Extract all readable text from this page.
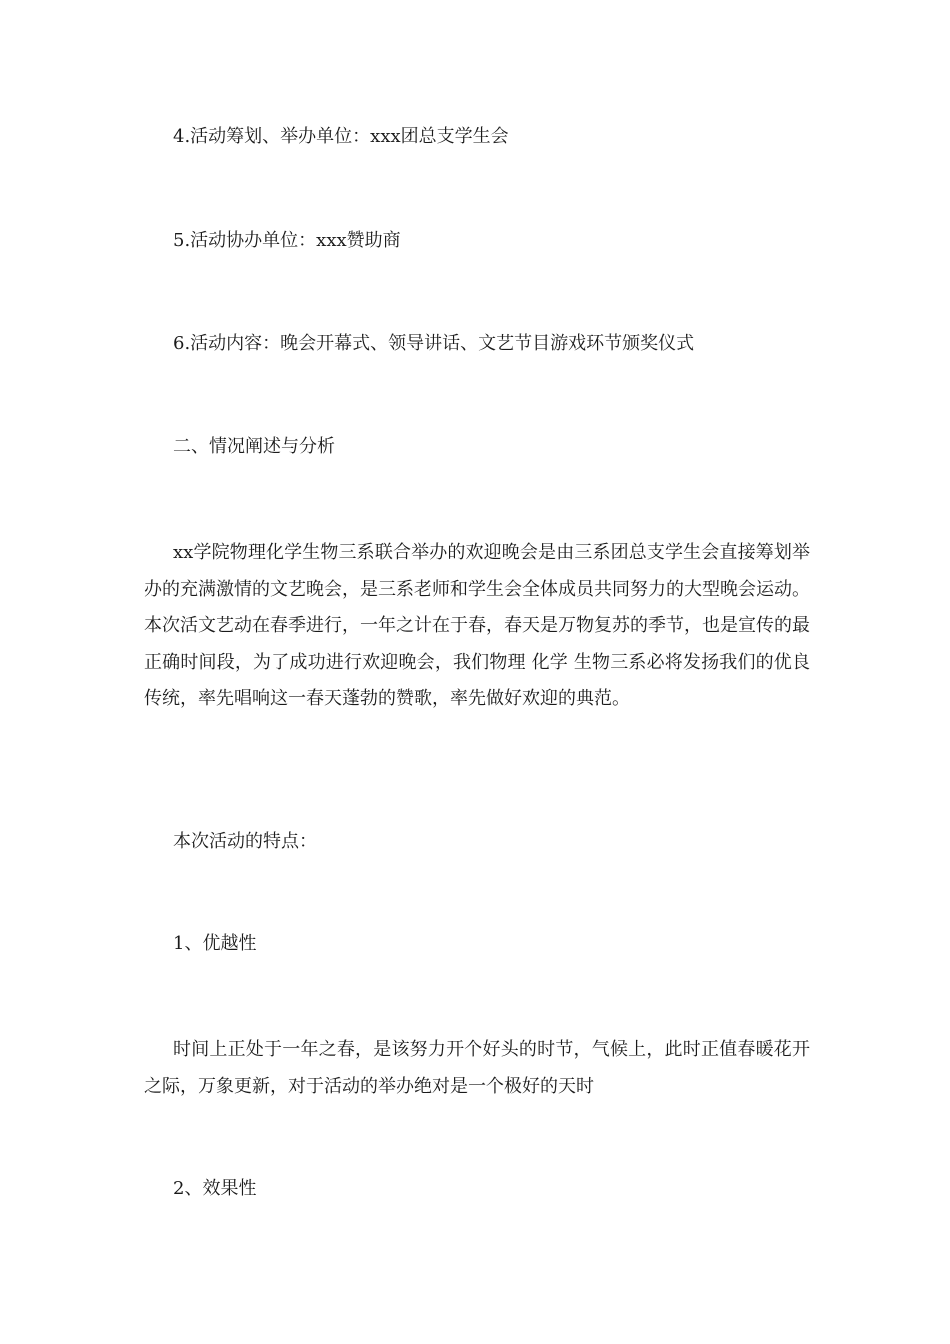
4.活动筹划、举办单位：xxx团总支学生会
5.活动协办单位：xxx赞助商
6.活动内容：晚会开幕式、领导讲话、文艺节目游戏环节颁奖仪式
二、情况阐述与分析
xx学院物理化学生物三系联合举办的欢迎晚会是由三系团总支学生会直接筹划举办的充满激情的文艺晚会，是三系老师和学生会全体成员共同努力的大型晚会运动。本次活文艺动在春季进行，一年之计在于春，春天是万物复苏的季节，也是宣传的最正确时间段，为了成功进行欢迎晚会，我们物理 化学 生物三系必将发扬我们的优良传统，率先唱响这一春天蓬勃的赞歌，率先做好欢迎的典范。
本次活动的特点：
1、优越性
时间上正处于一年之春，是该努力开个好头的时节，气候上，此时正值春暖花开之际，万象更新，对于活动的举办绝对是一个极好的天时
2、效果性
